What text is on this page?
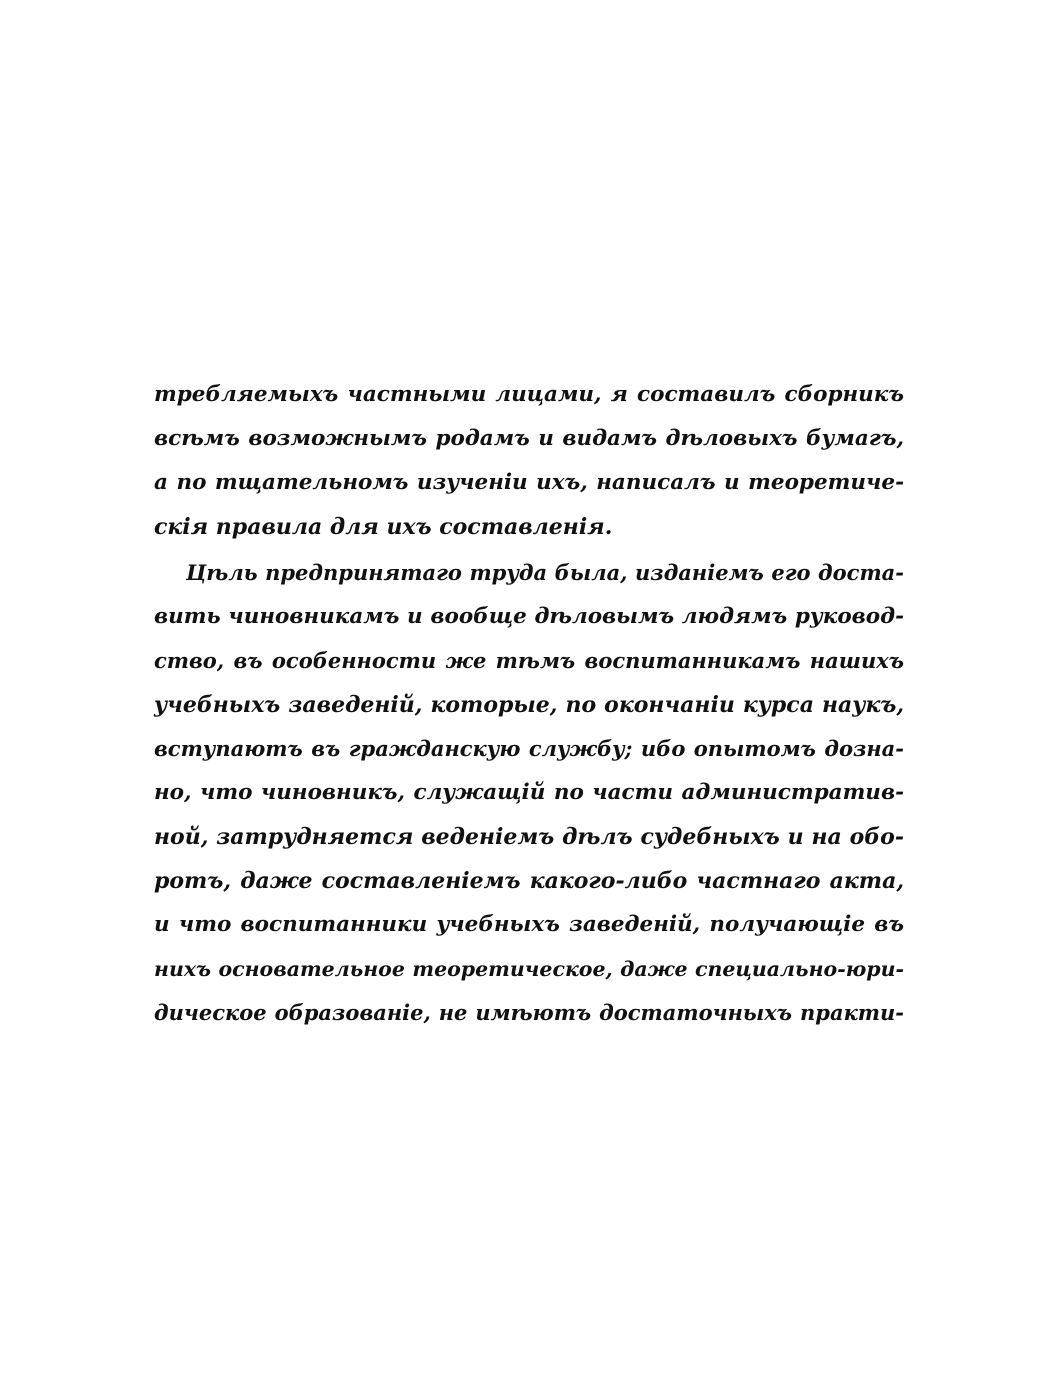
требляемыхъ частными лицами, я составилъ сборникъ
всѣмъ возможнымъ родамъ и видамъ дѣловыхъ бумагъ,
а по тщательномъ изученіи ихъ, написалъ и теоретиче-
скія правила для ихъ составленія.
Цѣль предпринятаго труда была, изданіемъ его доста-
вить чиновникамъ и вообще дѣловымъ людямъ руковод-
ство, въ особенности же тѣмъ воспитанникамъ нашихъ
учебныхъ заведеній, которые, по окончаніи курса наукъ,
вступаютъ въ гражданскую службу; ибо опытомъ дозна-
но, что чиновникъ, служащій по части административ-
ной, затрудняется веденіемъ дѣлъ судебныхъ и на обо-
ротъ, даже составленіемъ какого-либо частнаго акта,
и что воспитанники учебныхъ заведеній, получающіе въ
нихъ основательное теоретическое, даже специально-юри-
дическое образованіе, не имѣютъ достаточныхъ практи-
